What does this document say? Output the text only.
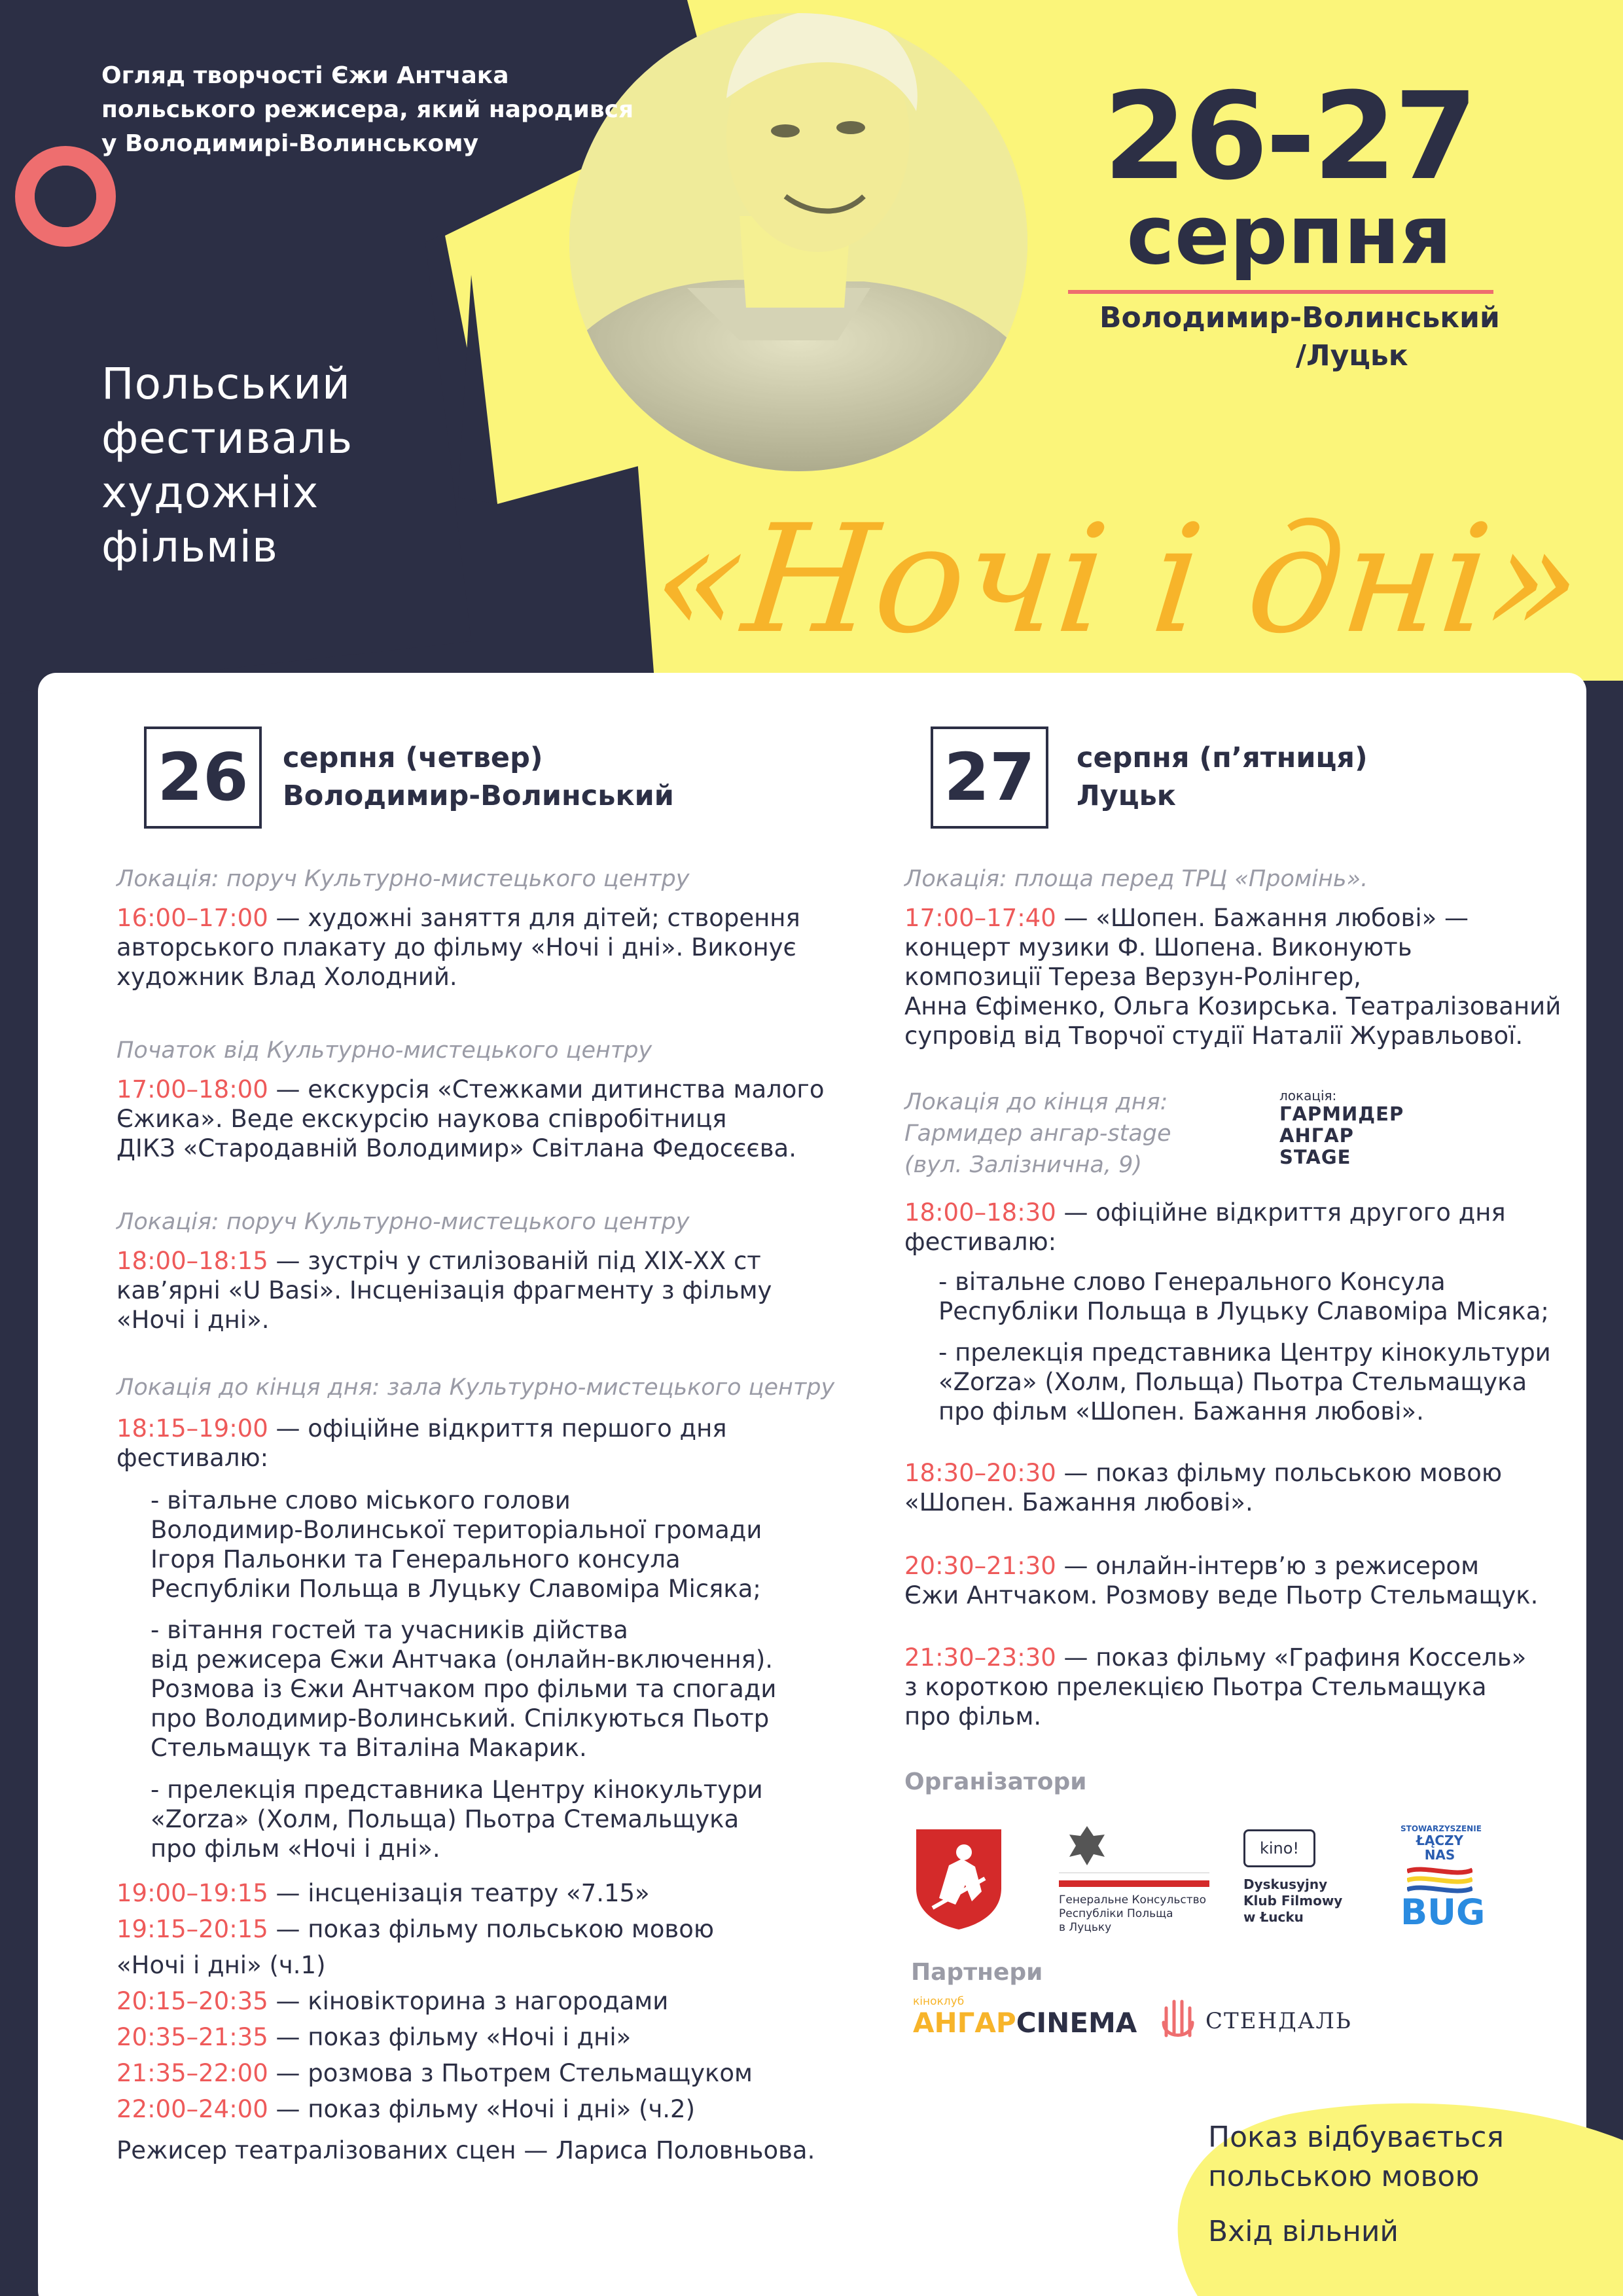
Огляд творчості Єжи Антчака
польського режисера, який народився
у Володимирі-Волинському
Польський
фестиваль
художніх
фільмів
26-27
серпня
Володимир-Волинський
/Луцьк
«Ночі і дні»
26	серпня (четвер)
Володимир-Волинський	27	серпня (п’ятниця)
Луцьк
Локація: поруч Культурно-мистецького центру
16:00–17:00 — художні заняття для дітей; створення
авторського плакату до фільму «Ночі і дні». Виконує
художник Влад Холодний.
Початок від Культурно-мистецького центру
17:00–18:00 — екскурсія «Стежками дитинства малого
Єжика». Веде екскурсію наукова співробітниця
ДІКЗ «Стародавній Володимир» Світлана Федосєєва.
Локація: поруч Культурно-мистецького центру
18:00–18:15 — зустріч у стилізованій під ХІХ-ХХ ст
кав’ярні «U Basi». Інсценізація фрагменту з фільму
«Ночі і дні».
Локація до кінця дня: зала Культурно-мистецького центру
18:15–19:00 — офіційне відкриття першого дня
фестивалю:
- вітальне слово міського голови
Володимир-Волинської територіальної громади
Ігоря Пальонки та Генерального консула
Республіки Польща в Луцьку Славоміра Місяка;
- вітання гостей та учасників дійства
від режисера Єжи Антчака (онлайн-включення).
Розмова із Єжи Антчаком про фільми та спогади
про Володимир-Волинський. Спілкуються Пьотр
Стельмащук та Віталіна Макарик.
- прелекція представника Центру кінокультури
«Zorza» (Холм, Польща) Пьотра Стемальщука
про фільм «Ночі і дні».
19:00–19:15 — інсценізація театру «7.15»
19:15–20:15 — показ фільму польською мовою
«Ночі і дні» (ч.1)
20:15–20:35 — кіновікторина з нагородами
20:35–21:35 — показ фільму «Ночі і дні»
21:35–22:00 — розмова з Пьотрем Стельмащуком
22:00–24:00 — показ фільму «Ночі і дні» (ч.2)
Режисер театралізованих сцен — Лариса Половньова.
Локація: площа перед ТРЦ «Промінь».
17:00–17:40 — «Шопен. Бажання любові» —
концерт музики Ф. Шопена. Виконують
композиції Тереза Верзун-Ролінгер,
Анна Єфіменко, Ольга Козирська. Театралізований
супровід від Творчої студії Наталії Журавльової.
Локація до кінця дня:
Гармидер ангар-stage
(вул. Залізнична, 9)
локація:
ГАРМИДЕР
АНГАР
STAGE
18:00–18:30 — офіційне відкриття другого дня
фестивалю:
- вітальне слово Генерального Консула
Республіки Польща в Луцьку Славоміра Місяка;
- прелекція представника Центру кінокультури
«Zorza» (Холм, Польща) Пьотра Стельмащука
про фільм «Шопен. Бажання любові».
18:30–20:30 — показ фільму польською мовою
«Шопен. Бажання любові».
20:30–21:30 — онлайн-інтерв’ю з режисером
Єжи Антчаком. Розмову веде Пьотр Стельмащук.
21:30–23:30 — показ фільму «Графиня Коссель»
з короткою прелекцією Пьотра Стельмащука
про фільм.
Організатори
Генеральне Консульство
Республіки Польща
в Луцьку
kino!
Dyskusyjny
Klub Filmowy
w Łucku
STOWARZYSZENIE
ŁĄCZY NAS
BUG
Партнери
кіноклуб
АНГАРCINEMA	СТЕНДАЛЬ
Показ відбувається
польською мовою
Вхід вільний
